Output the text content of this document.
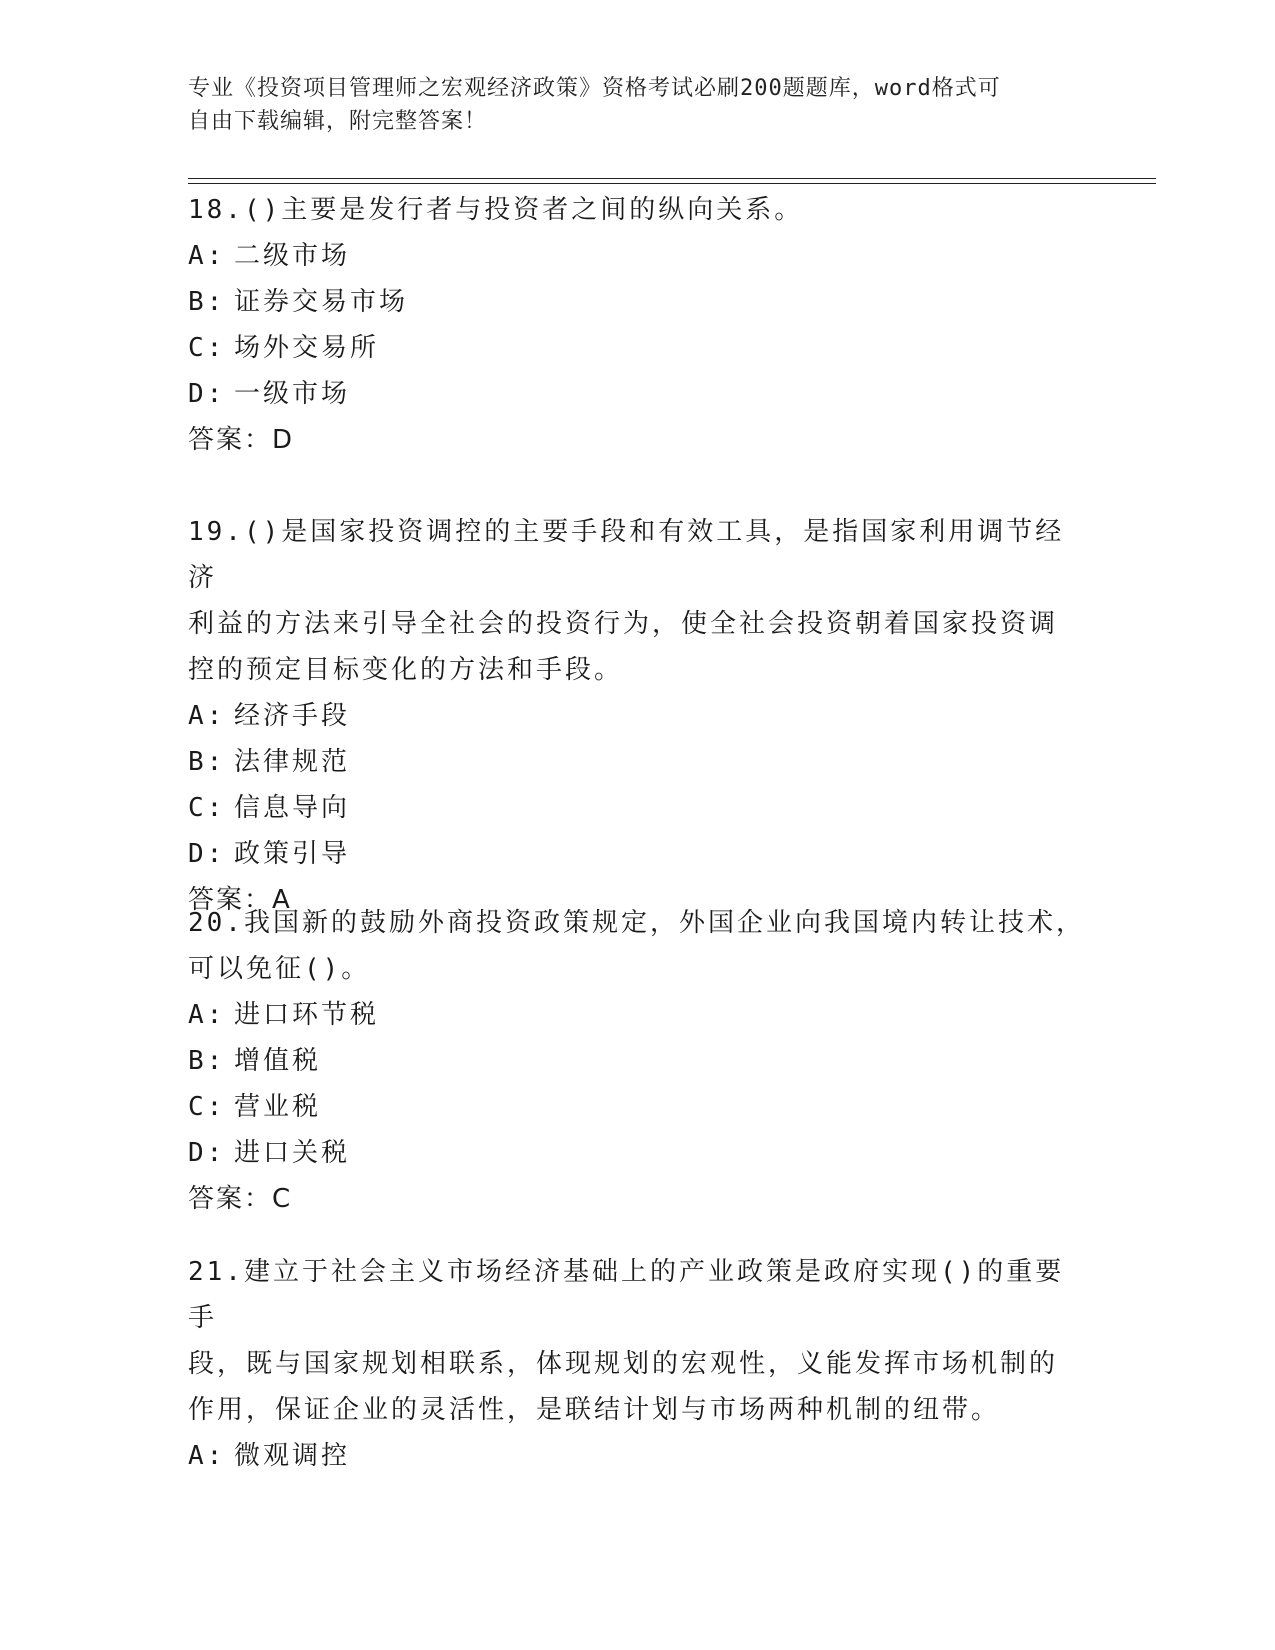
专业《投资项目管理师之宏观经济政策》资格考试必刷200题题库，word格式可
自由下载编辑，附完整答案！
18.()主要是发行者与投资者之间的纵向关系。
A: 二级市场
B: 证券交易市场
C: 场外交易所
D: 一级市场
答案：D
19.()是国家投资调控的主要手段和有效工具，是指国家利用调节经济
利益的方法来引导全社会的投资行为，使全社会投资朝着国家投资调
控的预定目标变化的方法和手段。
A: 经济手段
B: 法律规范
C: 信息导向
D: 政策引导
答案：A
20.我国新的鼓励外商投资政策规定，外国企业向我国境内转让技术，
可以免征()。
A: 进口环节税
B: 增值税
C: 营业税
D: 进口关税
答案：C
21.建立于社会主义市场经济基础上的产业政策是政府实现()的重要手
段，既与国家规划相联系，体现规划的宏观性，义能发挥市场机制的
作用，保证企业的灵活性，是联结计划与市场两种机制的纽带。
A: 微观调控
